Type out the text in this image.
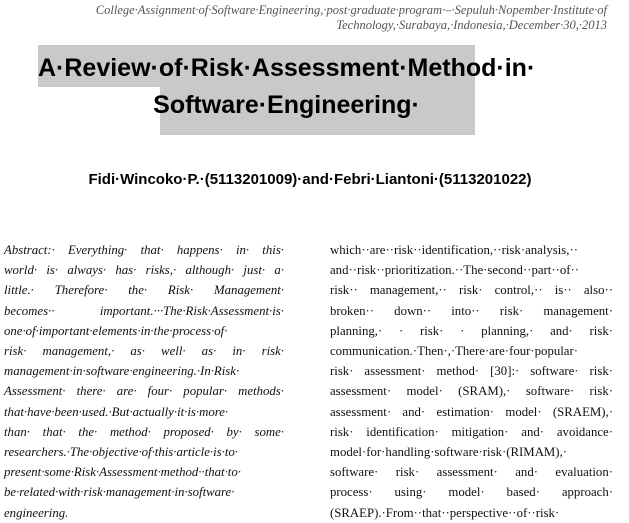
College·Assignment·of·Software·Engineering,·post·graduate·program·–·Sepuluh·Nopember·Institute·of
Technology,·Surabaya,·Indonesia,·December·30,·2013
A·Review·of·Risk·Assessment·Method·in· Software·Engineering·
Fidi·Wincoko·P.·(5113201009)·and·Febri·Liantoni·(5113201022)
Abstract:· Everything· that· happens· in· this·
world· is· always· has· risks,· although· just· a·
little.· Therefore· the· Risk· Management·
becomes·· important.···The·Risk·Assessment·is·
one·of·important·elements·in·the·process·of·
risk· management,· as· well· as· in· risk·
management·in·software·engineering.·In·Risk·
Assessment· there· are· four· popular· methods·
that·have·been·used.·But·actually·it·is·more·
than· that· the· method· proposed· by· some·
researchers.·The·objective·of·this·article·is·to·
present·some·Risk·Assessment·method··that·to·
be·related·with·risk·management·in·software·
engineering.
which··are··risk··identification,··risk·analysis,··
and··risk··prioritization.··The·second··part··of··
risk·· management,·· risk· control,·· is·· also··
broken·· down·· into·· risk· management·
planning,· · risk· · planning,· and· risk·
communication.·Then·,·There·are·four·popular·
risk· assessment· method· [30]:· software· risk·
assessment· model· (SRAM),· software· risk·
assessment· and· estimation· model· (SRAEM),·
risk· identification· mitigation· and· avoidance·
model·for·handling·software·risk·(RIMAM),·
software· risk· assessment· and· evaluation·
process· using· model· based· approach·
(SRAEP).·From··that··perspective··of··risk·
